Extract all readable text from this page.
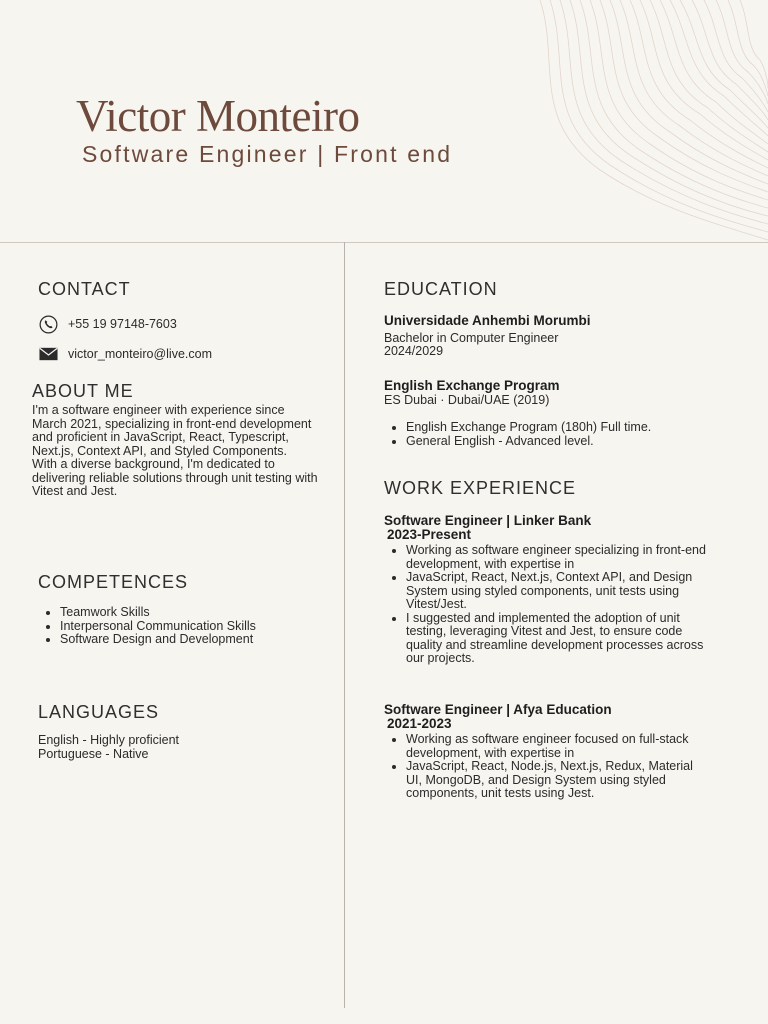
Victor Monteiro
Software Engineer | Front end
CONTACT
+55 19 97148-7603
victor_monteiro@live.com
ABOUT ME

I'm a software engineer with experience since March 2021, specializing in front-end development and proficient in JavaScript, React, Typescript, Next.js, Context API, and Styled Components.

With a diverse background, I'm dedicated to delivering reliable solutions through unit testing with Vitest and Jest.

COMPETENCES
• Teamwork Skills
• Interpersonal Communication Skills
• Software Design and Development
LANGUAGES
English - Highly proficient
Portuguese - Native
EDUCATION
Universidade Anhembi Morumbi
Bachelor in Computer Engineer
2024/2029
English Exchange Program
ES Dubai · Dubai/UAE (2019)
• English Exchange Program (180h) Full time.
• General English - Advanced level.
WORK EXPERIENCE
Software Engineer | Linker Bank
2023-Present
• Working as software engineer specializing in front-end development, with expertise in
• JavaScript, React, Next.js, Context API, and Design System using styled components, unit tests using Vitest/Jest.
• I suggested and implemented the adoption of unit testing, leveraging Vitest and Jest, to ensure code quality and streamline development processes across our projects.
Software Engineer | Afya Education
2021-2023
• Working as software engineer focused on full-stack development, with expertise in
• JavaScript, React, Node.js, Next.js, Redux, Material UI, MongoDB, and Design System using styled components, unit tests using Jest.
